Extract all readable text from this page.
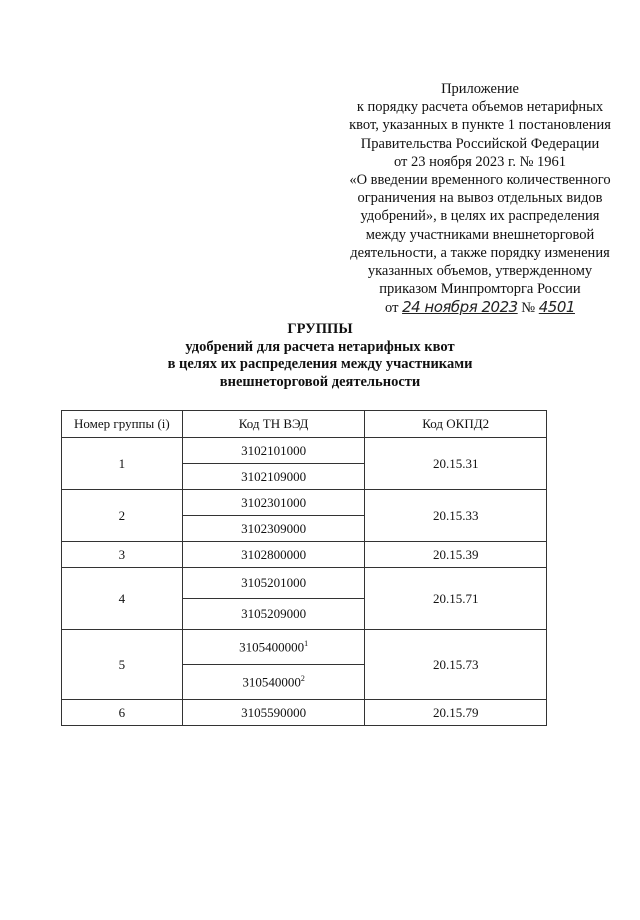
Приложение
к порядку расчета объемов нетарифных
квот, указанных в пункте 1 постановления
Правительства Российской Федерации
от 23 ноября 2023 г. № 1961
«О введении временного количественного
ограничения на вывоз отдельных видов
удобрений», в целях их распределения
между участниками внешнеторговой
деятельности, а также порядку изменения
указанных объемов, утвержденному
приказом Минпромторга России
от 24 ноября 2023 № 4501
ГРУППЫ
удобрений для расчета нетарифных квот
в целях их распределения между участниками
внешнеторговой деятельности
Номер группы (i)	Код ТН ВЭД	Код ОКПД2
1	3102101000	20.15.31
	3102109000	
2	3102301000	20.15.33
	3102309000	
3	3102800000	20.15.39
4	3105201000	20.15.71
	3105209000	
5	3105400000$^1$	20.15.73
	310540000$^2$
6	3105590000	20.15.79
